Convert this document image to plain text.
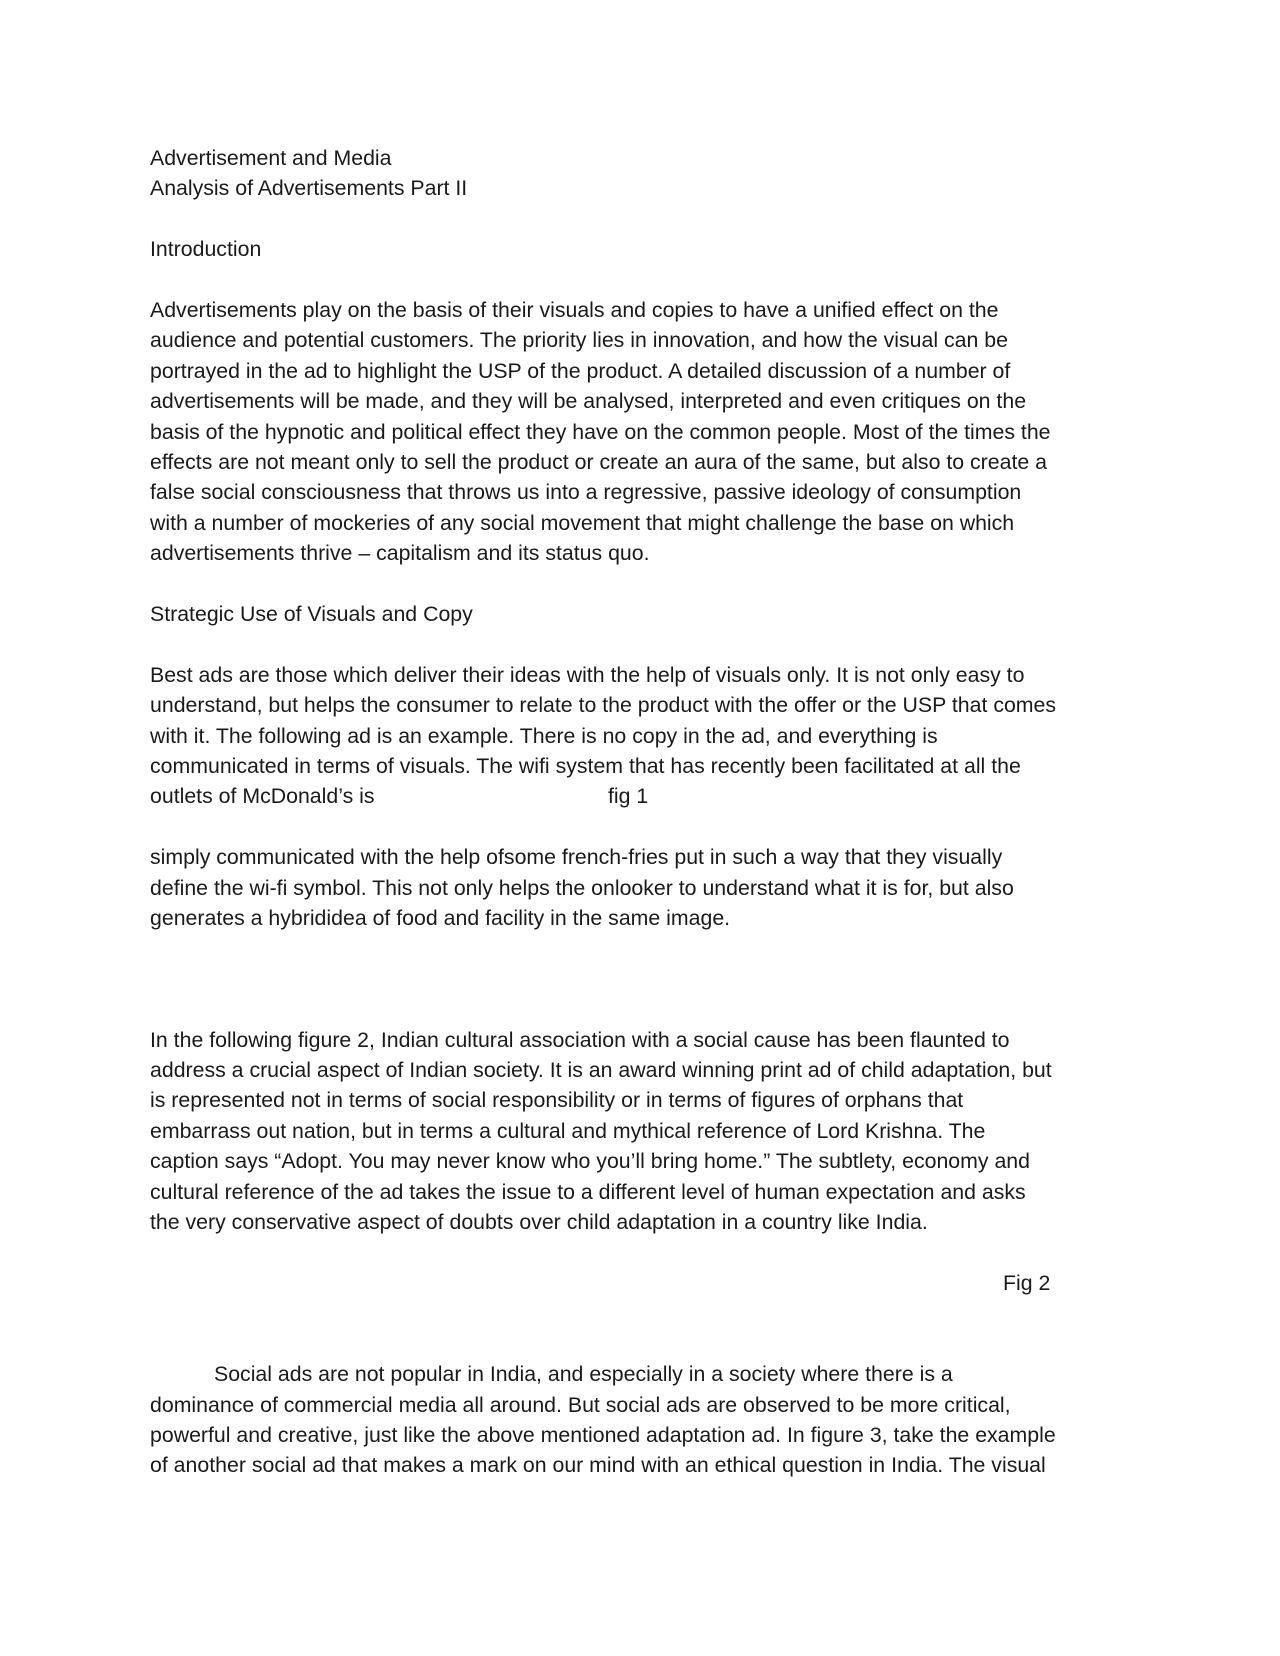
Advertisement and Media

Analysis of Advertisements Part II

Introduction

Advertisements play on the basis of their visuals and copies to have a unified effect on the

audience and potential customers. The priority lies in innovation, and how the visual can be

portrayed in the ad to highlight the USP of the product. A detailed discussion of a number of

advertisements will be made, and they will be analysed, interpreted and even critiques on the

basis of the hypnotic and political effect they have on the common people. Most of the times the

effects are not meant only to sell the product or create an aura of the same, but also to create a

false social consciousness that throws us into a regressive, passive ideology of consumption

with a number of mockeries of any social movement that might challenge the base on which

advertisements thrive – capitalism and its status quo.

Strategic Use of Visuals and Copy

Best ads are those which deliver their ideas with the help of visuals only. It is not only easy to

understand, but helps the consumer to relate to the product with the offer or the USP that comes

with it. The following ad is an example. There is no copy in the ad, and everything is

communicated in terms of visuals. The wifi system that has recently been facilitated at all the

outlets of McDonald’s is	fig 1

simply communicated with the help ofsome french-fries put in such a way that they visually

define the wi-fi symbol. This not only helps the onlooker to understand what it is for, but also

generates a hybrididea of food and facility in the same image.

In the following figure 2, Indian cultural association with a social cause has been flaunted to

address a crucial aspect of Indian society. It is an award winning print ad of child adaptation, but

is represented not in terms of social responsibility or in terms of figures of orphans that

embarrass out nation, but in terms a cultural and mythical reference of Lord Krishna. The

caption says “Adopt. You may never know who you’ll bring home.” The subtlety, economy and

cultural reference of the ad takes the issue to a different level of human expectation and asks

the very conservative aspect of doubts over child adaptation in a country like India.

Fig 2

Social ads are not popular in India, and especially in a society where there is a

dominance of commercial media all around. But social ads are observed to be more critical,

powerful and creative, just like the above mentioned adaptation ad. In figure 3, take the example

of another social ad that makes a mark on our mind with an ethical question in India. The visual
